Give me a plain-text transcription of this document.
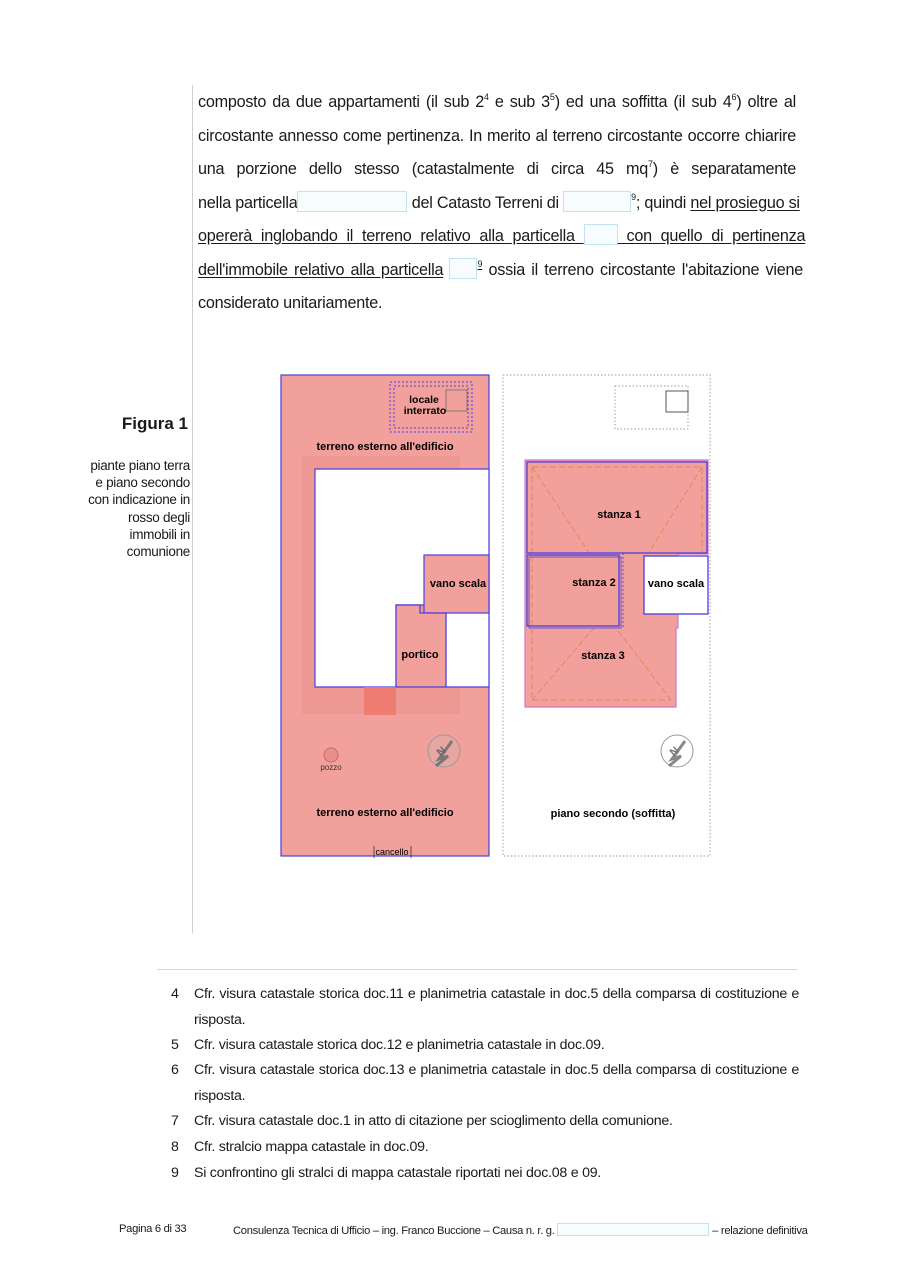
composto da due appartamenti (il sub $2^4$ e sub $3^5$) ed una soffitta (il sub $4^6$) oltre al
circostante annesso come pertinenza. In merito al terreno circostante occorre chiarire
una porzione dello stesso (catastalmente di circa 45 $mq^7$) è separatamente
nella particella	del Catasto Terreni di	$^9$; quindi nel prosieguo si
opererà inglobando il terreno relativo alla particella	con quello di pertinenza
dell'immobile relativo alla particella	$^9$ ossia il terreno circostante l'abitazione viene
considerato unitariamente.
Figura 1
piante piano terra e piano secondo con indicazione in rosso degli immobili in comunione
locale
interrato
terreno esterno all'edificio
vano scala
portico
pozzo
N
terreno esterno all'edificio
cancello
stanza 1
stanza 2	vano scala
stanza 3
N
piano secondo (soffitta)
4 Cfr. visura catastale storica doc.11 e planimetria catastale in doc.5 della comparsa di costituzione e risposta.
5 Cfr. visura catastale storica doc.12 e planimetria catastale in doc.09.
6 Cfr. visura catastale storica doc.13 e planimetria catastale in doc.5 della comparsa di costituzione e risposta.
7 Cfr. visura catastale doc.1 in atto di citazione per scioglimento della comunione.
8 Cfr. stralcio mappa catastale in doc.09.
9 Si confrontino gli stralci di mappa catastale riportati nei doc.08 e 09.
Pagina 6 di 33	Consulenza Tecnica di Ufficio – ing. Franco Buccione – Causa n. r. g.	– relazione definitiva
